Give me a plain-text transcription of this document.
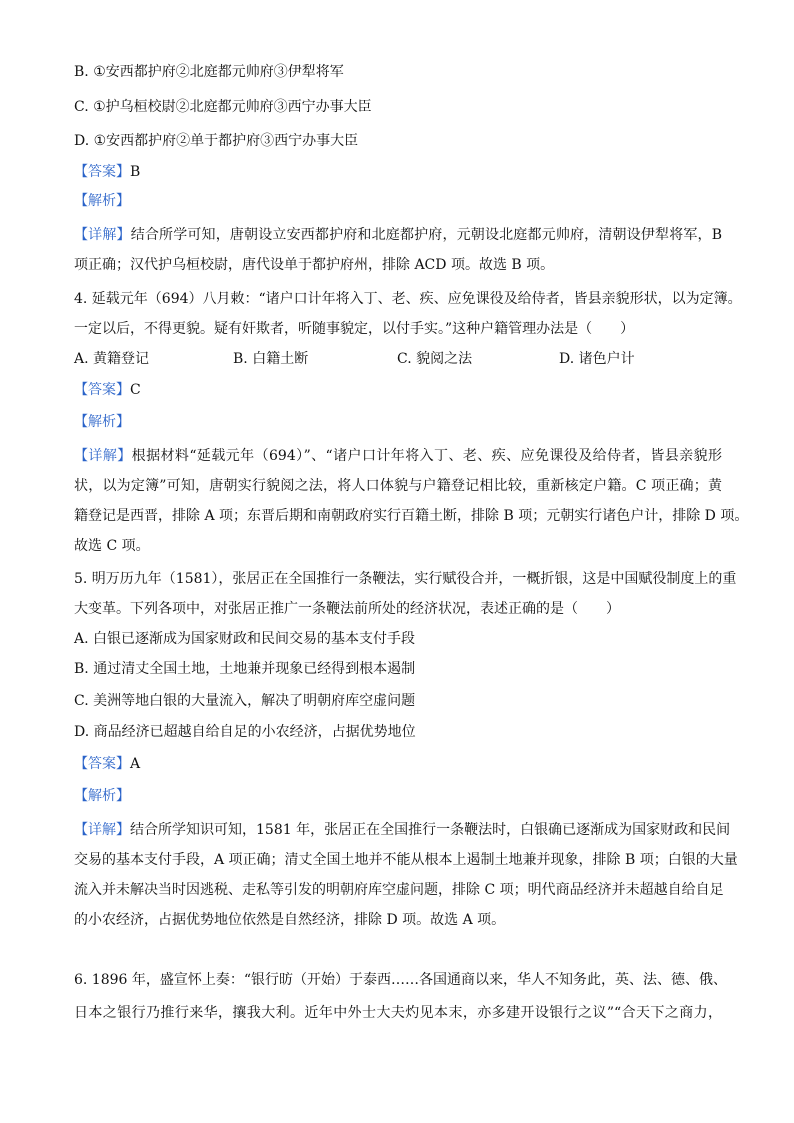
B. ①安西都护府②北庭都元帅府③伊犁将军
C. ①护乌桓校尉②北庭都元帅府③西宁办事大臣
D. ①安西都护府②单于都护府③西宁办事大臣
【答案】B
【解析】
【详解】结合所学可知，唐朝设立安西都护府和北庭都护府，元朝设北庭都元帅府，清朝设伊犁将军，B
项正确；汉代护乌桓校尉，唐代设单于都护府州，排除 ACD 项。故选 B 项。
4. 延载元年（694）八月敕：“诸户口计年将入丁、老、疾、应免课役及给侍者，皆县亲貌形状，以为定簿。
一定以后，不得更貌。疑有奸欺者，听随事貌定，以付手实。”这种户籍管理办法是（　　）
A. 黄籍登记	B. 白籍土断	C. 貌阅之法	D. 诸色户计
【答案】C
【解析】
【详解】根据材料“延载元年（694）”、“诸户口计年将入丁、老、疾、应免课役及给侍者，皆县亲貌形
状，以为定簿”可知，唐朝实行貌阅之法，将人口体貌与户籍登记相比较，重新核定户籍。C 项正确；黄
籍登记是西晋，排除 A 项；东晋后期和南朝政府实行百籍土断，排除 B 项；元朝实行诸色户计，排除 D 项。
故选 C 项。
5. 明万历九年（1581），张居正在全国推行一条鞭法，实行赋役合并，一概折银，这是中国赋役制度上的重
大变革。下列各项中，对张居正推广一条鞭法前所处的经济状况，表述正确的是（　　）
A. 白银已逐渐成为国家财政和民间交易的基本支付手段
B. 通过清丈全国土地，土地兼并现象已经得到根本遏制
C. 美洲等地白银的大量流入，解决了明朝府库空虚问题
D. 商品经济已超越自给自足的小农经济，占据优势地位
【答案】A
【解析】
【详解】结合所学知识可知，1581 年，张居正在全国推行一条鞭法时，白银确已逐渐成为国家财政和民间
交易的基本支付手段，A 项正确；清丈全国土地并不能从根本上遏制土地兼并现象，排除 B 项；白银的大量
流入并未解决当时因逃税、走私等引发的明朝府库空虚问题，排除 C 项；明代商品经济并未超越自给自足
的小农经济，占据优势地位依然是自然经济，排除 D 项。故选 A 项。
6. 1896 年，盛宣怀上奏：“银行昉（开始）于泰西……各国通商以来，华人不知务此，英、法、德、俄、
日本之银行乃推行来华，攘我大利。近年中外士大夫灼见本末，亦多建开设银行之议”“合天下之商力，
